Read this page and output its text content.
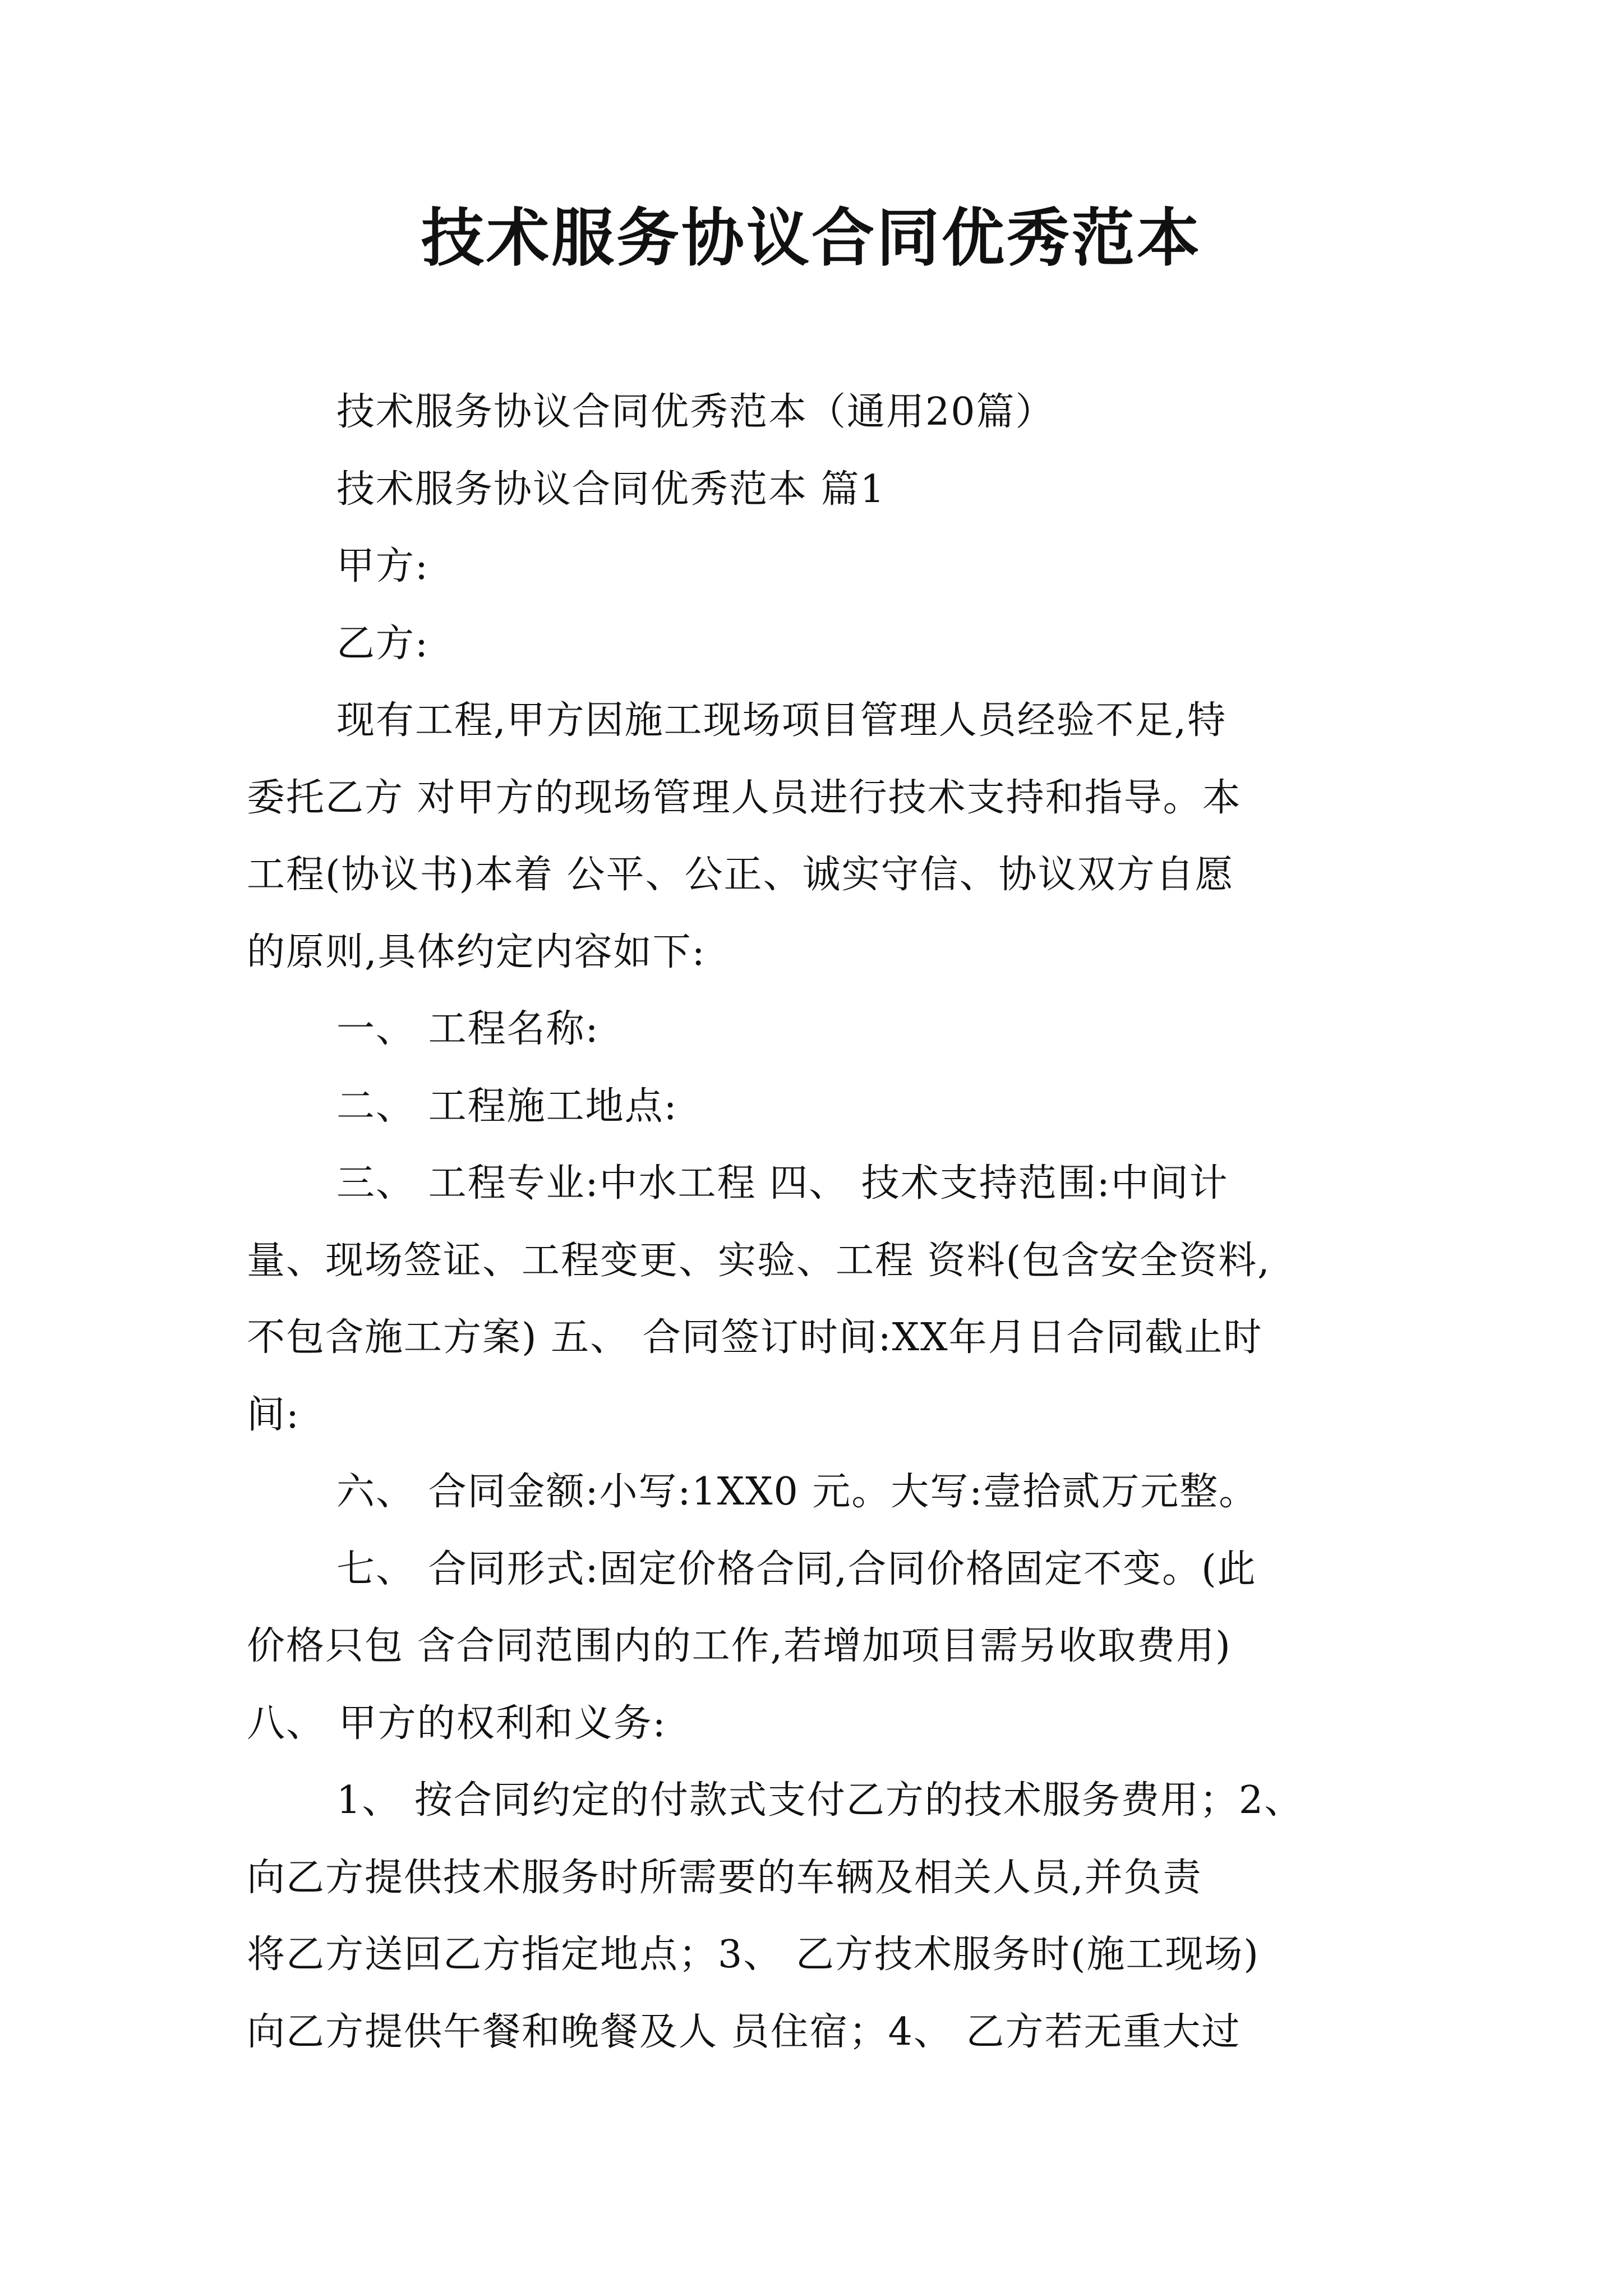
技术服务协议合同优秀范本
技术服务协议合同优秀范本（通用20篇）
技术服务协议合同优秀范本 篇1
甲方:
乙方:
现有工程,甲方因施工现场项目管理人员经验不足,特
委托乙方 对甲方的现场管理人员进行技术支持和指导。本
工程(协议书)本着 公平、公正、诚实守信、协议双方自愿
的原则,具体约定内容如下:
一、 工程名称:
二、 工程施工地点:
三、 工程专业:中水工程 四、 技术支持范围:中间计
量、现场签证、工程变更、实验、工程 资料(包含安全资料,
不包含施工方案) 五、 合同签订时间:XX年月日合同截止时
间:
六、 合同金额:小写:1XX0 元。大写:壹拾贰万元整。
七、 合同形式:固定价格合同,合同价格固定不变。(此
价格只包 含合同范围内的工作,若增加项目需另收取费用)
八、 甲方的权利和义务:
1、 按合同约定的付款式支付乙方的技术服务费用；2、
向乙方提供技术服务时所需要的车辆及相关人员,并负责
将乙方送回乙方指定地点；3、 乙方技术服务时(施工现场)
向乙方提供午餐和晚餐及人 员住宿；4、 乙方若无重大过
